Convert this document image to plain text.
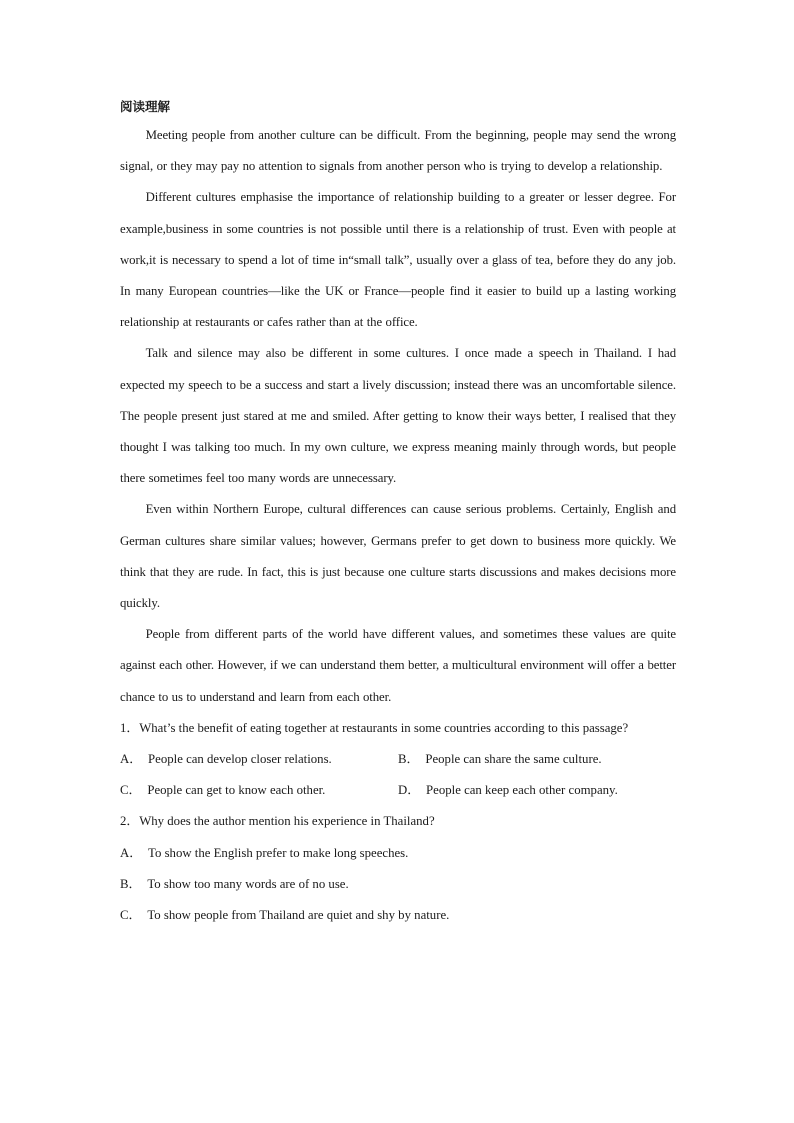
阅读理解

Meeting people from another culture can be difficult. From the beginning, people may send the wrong signal, or they may pay no attention to signals from another person who is trying to develop a relationship.

Different cultures emphasise the importance of relationship building to a greater or lesser degree. For example,business in some countries is not possible until there is a relationship of trust. Even with people at work,it is necessary to spend a lot of time in“small talk”, usually over a glass of tea, before they do any job. In many European countries—like the UK or France—people find it easier to build up a lasting working relationship at restaurants or cafes rather than at the office.

Talk and silence may also be different in some cultures. I once made a speech in Thailand. I had expected my speech to be a success and start a lively discussion; instead there was an uncomfortable silence. The people present just stared at me and smiled. After getting to know their ways better, I realised that they thought I was talking too much. In my own culture, we express meaning mainly through words, but people there sometimes feel too many words are unnecessary.

Even within Northern Europe, cultural differences can cause serious problems. Certainly, English and German cultures share similar values; however, Germans prefer to get down to business more quickly. We think that they are rude. In fact, this is just because one culture starts discussions and makes decisions more quickly.

People from different parts of the world have different values, and sometimes these values are quite against each other. However, if we can understand them better, a multicultural environment will offer a better chance to us to understand and learn from each other.

1．What’s the benefit of eating together at restaurants in some countries according to this passage?

A． People can develop closer relations.	B． People can share the same culture.
C． People can get to know each other.	D． People can keep each other company.

2．Why does the author mention his experience in Thailand?

A． To show the English prefer to make long speeches.

B． To show too many words are of no use.

C． To show people from Thailand are quiet and shy by nature.
